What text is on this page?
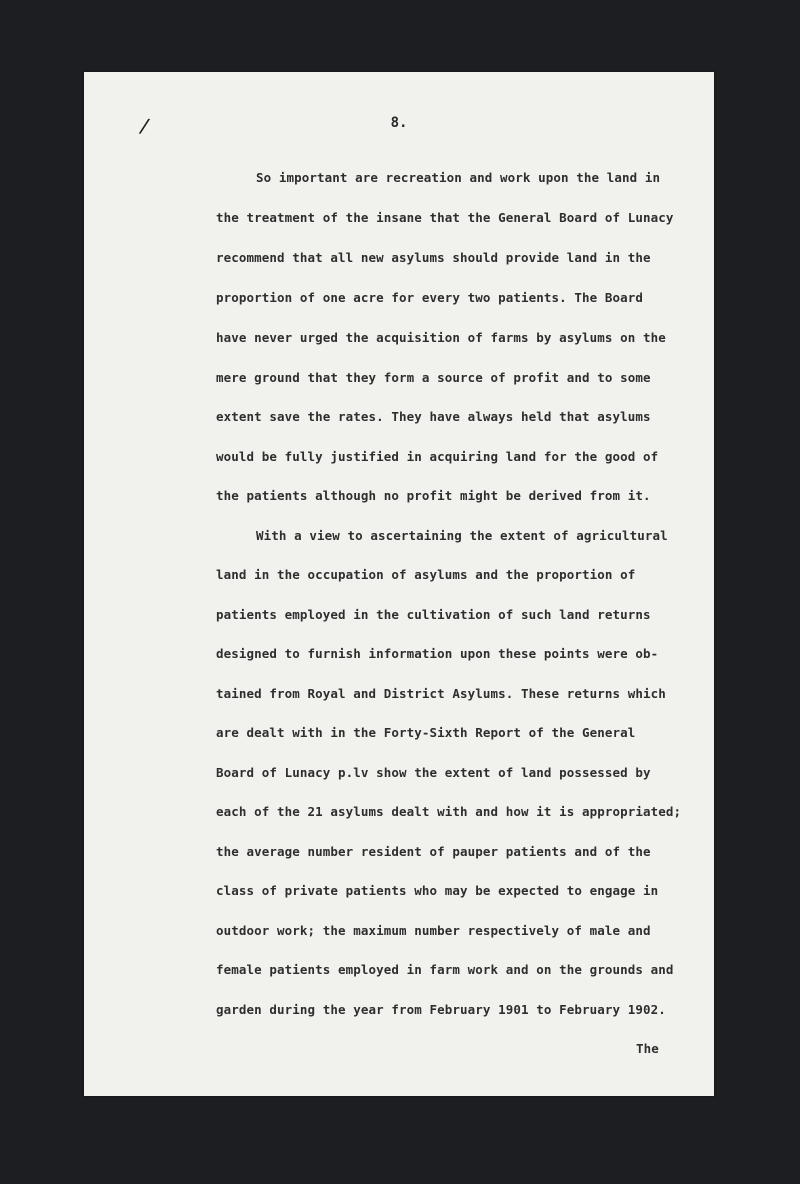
/	8.
So important are recreation and work upon the land in
the treatment of the insane that the General Board of Lunacy
recommend that all new asylums should provide land in the
proportion of one acre for every two patients. The Board
have never urged the acquisition of farms by asylums on the
mere ground that they form a source of profit and to some
extent save the rates. They have always held that asylums
would be fully justified in acquiring land for the good of
the patients although no profit might be derived from it.
With a view to ascertaining the extent of agricultural
land in the occupation of asylums and the proportion of
patients employed in the cultivation of such land returns
designed to furnish information upon these points were ob-
tained from Royal and District Asylums. These returns which
are dealt with in the Forty-Sixth Report of the General
Board of Lunacy p.lv show the extent of land possessed by
each of the 21 asylums dealt with and how it is appropriated;
the average number resident of pauper patients and of the
class of private patients who may be expected to engage in
outdoor work; the maximum number respectively of male and
female patients employed in farm work and on the grounds and
garden during the year from February 1901 to February 1902.
The
